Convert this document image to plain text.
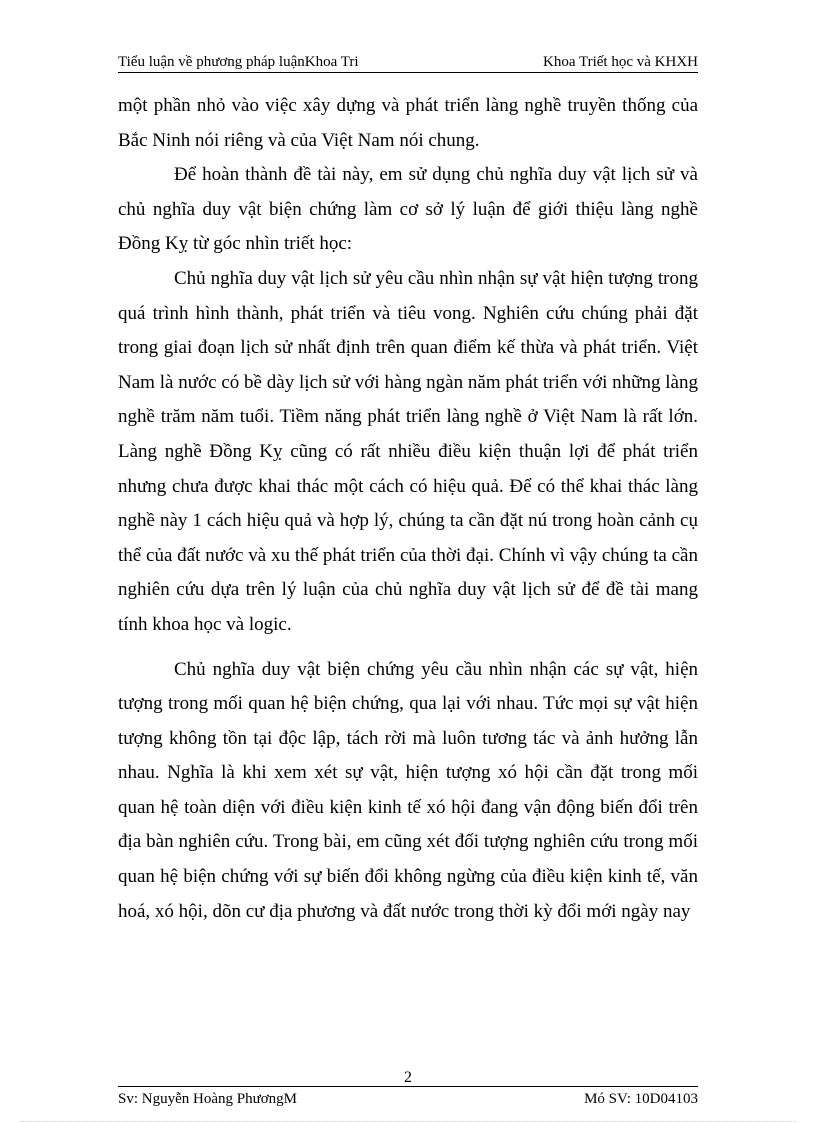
Tiểu luận về phương pháp luậnKhoa Tri	Khoa Triết học và KHXH

một phần nhỏ vào việc xây dựng và phát triển làng nghề truyền thống của Bắc Ninh nói riêng và của Việt Nam nói chung.

Để hoàn thành đề tài này, em sử dụng chủ nghĩa duy vật lịch sử và chủ nghĩa duy vật biện chứng làm cơ sở lý luận để giới thiệu làng nghề Đồng Kỵ từ góc nhìn triết học:

Chủ nghĩa duy vật lịch sử yêu cầu nhìn nhận sự vật hiện tượng trong quá trình hình thành, phát triển và tiêu vong. Nghiên cứu chúng phải đặt trong giai đoạn lịch sử nhất định trên quan điểm kế thừa và phát triển. Việt Nam là nước có bề dày lịch sử với hàng ngàn năm phát triển với những làng nghề trăm năm tuổi. Tiềm năng phát triển làng nghề ở Việt Nam là rất lớn. Làng nghề Đồng Kỵ cũng có rất nhiều điều kiện thuận lợi để phát triển nhưng chưa được khai thác một cách có hiệu quả. Để có thể khai thác làng nghề này 1 cách hiệu quả và hợp lý, chúng ta cần đặt nú trong hoàn cảnh cụ thể của đất nước và xu thế phát triển của thời đại. Chính vì vậy chúng ta cần nghiên cứu dựa trên lý luận của chủ nghĩa duy vật lịch sử để đề tài mang tính khoa học và logic.

Chủ nghĩa duy vật biện chứng yêu cầu nhìn nhận các sự vật, hiện tượng trong mối quan hệ biện chứng, qua lại với nhau. Tức mọi sự vật hiện tượng không tồn tại độc lập, tách rời mà luôn tương tác và ảnh hưởng lẫn nhau. Nghĩa là khi xem xét sự vật, hiện tượng xó hội cần đặt trong mối quan hệ toàn diện với điều kiện kinh tế xó hội đang vận động biến đổi trên địa bàn nghiên cứu. Trong bài, em cũng xét đối tượng nghiên cứu trong mối quan hệ biện chứng với sự biến đổi không ngừng của điều kiện kinh tế, văn hoá, xó hội, dõn cư địa phương và đất nước trong thời kỳ đổi mới ngày nay

2
Sv: Nguyễn Hoàng PhươngM	Mó SV: 10D04103
